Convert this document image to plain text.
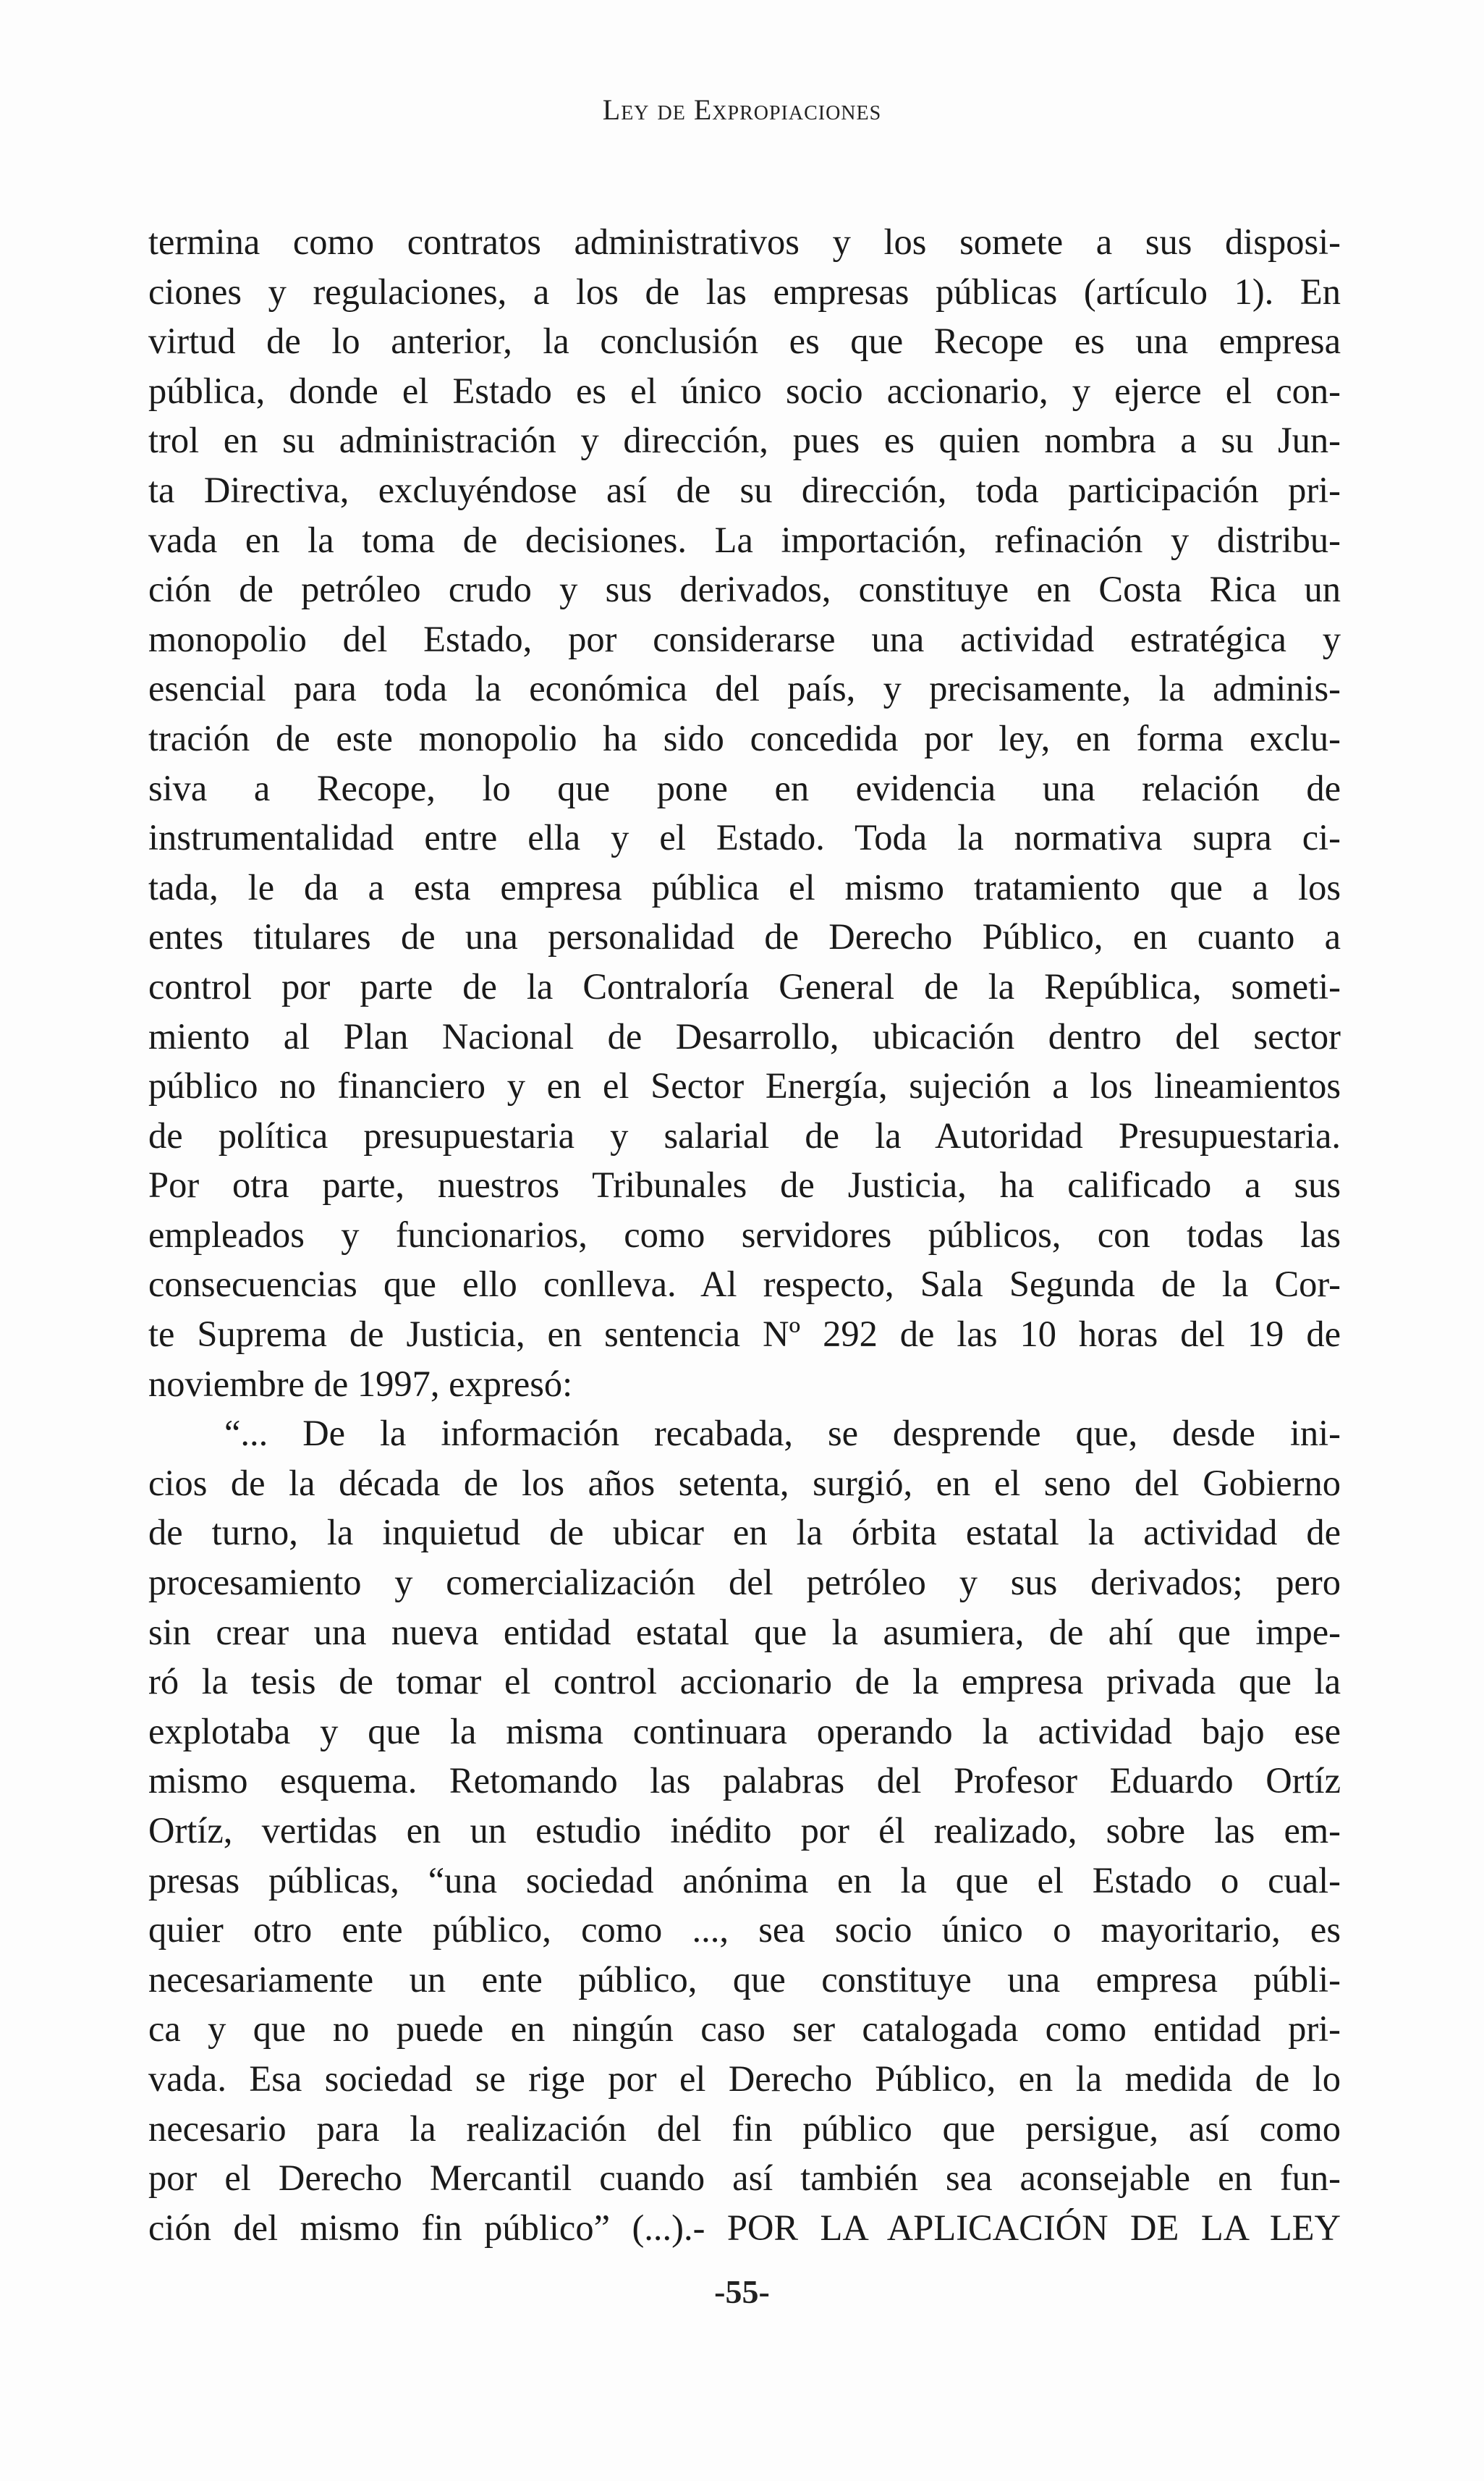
Ley de Expropiaciones
termina como contratos administrativos y los somete a sus disposi-
ciones y regulaciones, a los de las empresas públicas (artículo 1). En
virtud de lo anterior, la conclusión es que Recope es una empresa
pública, donde el Estado es el único socio accionario, y ejerce el con-
trol en su administración y dirección, pues es quien nombra a su Jun-
ta Directiva, excluyéndose así de su dirección, toda participación pri-
vada en la toma de decisiones. La importación, refinación y distribu-
ción de petróleo crudo y sus derivados, constituye en Costa Rica un
monopolio del Estado, por considerarse una actividad estratégica y
esencial para toda la económica del país, y precisamente, la adminis-
tración de este monopolio ha sido concedida por ley, en forma exclu-
siva a Recope, lo que pone en evidencia una relación de
instrumentalidad entre ella y el Estado. Toda la normativa supra ci-
tada, le da a esta empresa pública el mismo tratamiento que a los
entes titulares de una personalidad de Derecho Público, en cuanto a
control por parte de la Contraloría General de la República, someti-
miento al Plan Nacional de Desarrollo, ubicación dentro del sector
público no financiero y en el Sector Energía, sujeción a los lineamientos
de política presupuestaria y salarial de la Autoridad Presupuestaria.
Por otra parte, nuestros Tribunales de Justicia, ha calificado a sus
empleados y funcionarios, como servidores públicos, con todas las
consecuencias que ello conlleva. Al respecto, Sala Segunda de la Cor-
te Suprema de Justicia, en sentencia Nº 292 de las 10 horas del 19 de
noviembre de 1997, expresó:
“... De la información recabada, se desprende que, desde ini-
cios de la década de los años setenta, surgió, en el seno del Gobierno
de turno, la inquietud de ubicar en la órbita estatal la actividad de
procesamiento y comercialización del petróleo y sus derivados; pero
sin crear una nueva entidad estatal que la asumiera, de ahí que impe-
ró la tesis de tomar el control accionario de la empresa privada que la
explotaba y que la misma continuara operando la actividad bajo ese
mismo esquema. Retomando las palabras del Profesor Eduardo Ortíz
Ortíz, vertidas en un estudio inédito por él realizado, sobre las em-
presas públicas, “una sociedad anónima en la que el Estado o cual-
quier otro ente público, como ..., sea socio único o mayoritario, es
necesariamente un ente público, que constituye una empresa públi-
ca y que no puede en ningún caso ser catalogada como entidad pri-
vada. Esa sociedad se rige por el Derecho Público, en la medida de lo
necesario para la realización del fin público que persigue, así como
por el Derecho Mercantil cuando así también sea aconsejable en fun-
ción del mismo fin público” (...).- POR LA APLICACIÓN DE LA LEY
-55-
